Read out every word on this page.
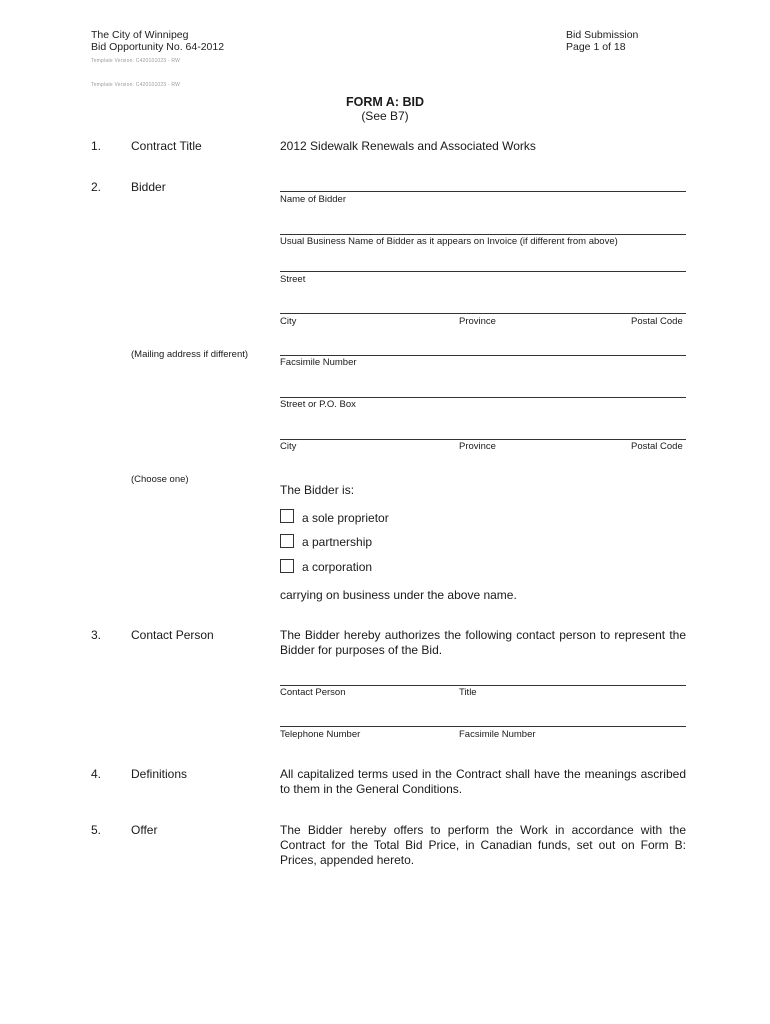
The City of Winnipeg
Bid Opportunity No. 64-2012
Template Version: C420101023 - RW
Template Version: C420101023 - RW
Bid Submission
Page 1 of 18
FORM A: BID
(See B7)
1. Contract Title	2012 Sidewalk Renewals and Associated Works
2. Bidder
Name of Bidder
Usual Business Name of Bidder as it appears on Invoice (if different from above)
Street
City	Province	Postal Code
(Mailing address if different)
Facsimile Number
Street or P.O. Box
City	Province	Postal Code
(Choose one)
The Bidder is:
a sole proprietor
a partnership
a corporation
carrying on business under the above name.
3. Contact Person	The Bidder hereby authorizes the following contact person to represent the Bidder for purposes of the Bid.
Contact Person	Title
Telephone Number	Facsimile Number
4. Definitions	All capitalized terms used in the Contract shall have the meanings ascribed to them in the General Conditions.
5. Offer	The Bidder hereby offers to perform the Work in accordance with the Contract for the Total Bid Price, in Canadian funds, set out on Form B: Prices, appended hereto.
